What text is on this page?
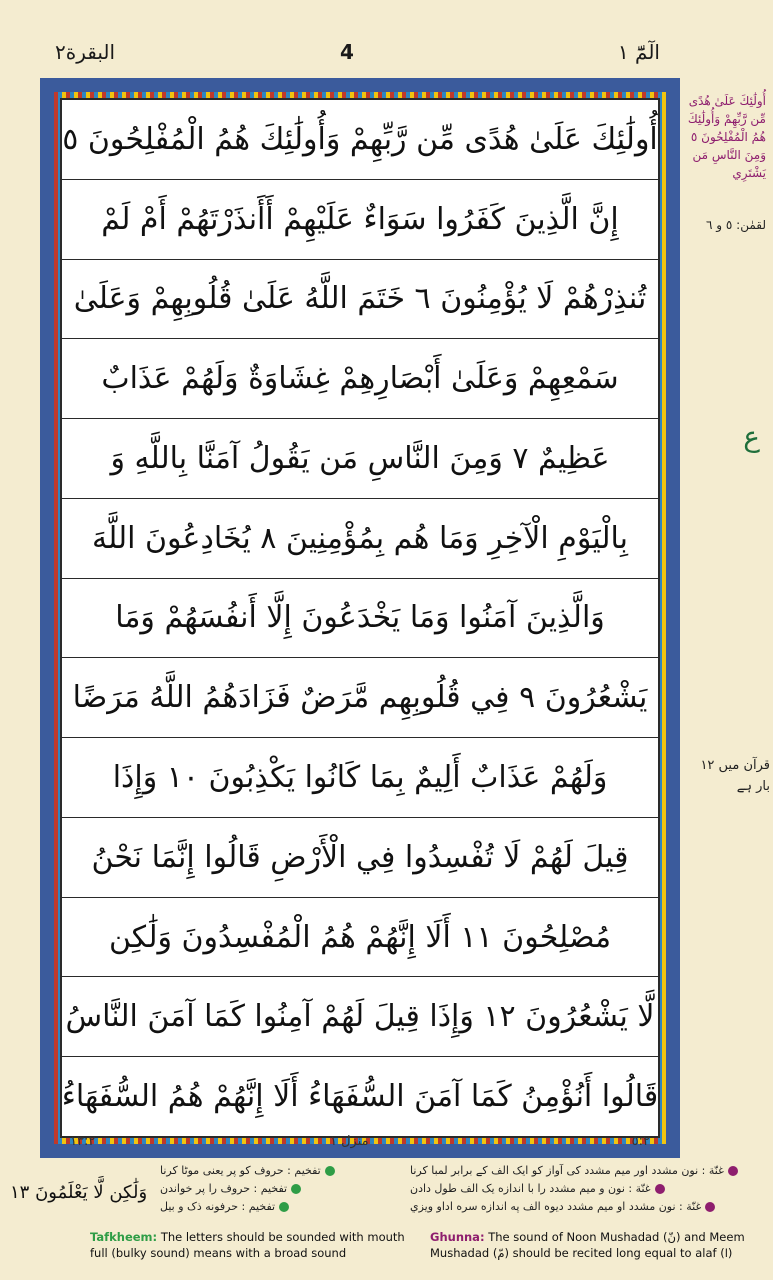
البقرة٢	4	الٓمّٓ ١
أُولَٰئِكَ عَلَىٰ هُدًى مِّن رَّبِّهِمْ وَأُولَٰئِكَ هُمُ الْمُفْلِحُونَ ٥
إِنَّ الَّذِينَ كَفَرُوا سَوَاءٌ عَلَيْهِمْ أَأَنذَرْتَهُمْ أَمْ لَمْ
تُنذِرْهُمْ لَا يُؤْمِنُونَ ٦ خَتَمَ اللَّهُ عَلَىٰ قُلُوبِهِمْ وَعَلَىٰ
سَمْعِهِمْ وَعَلَىٰ أَبْصَارِهِمْ غِشَاوَةٌ وَلَهُمْ عَذَابٌ
عَظِيمٌ ٧ وَمِنَ النَّاسِ مَن يَقُولُ آمَنَّا بِاللَّهِ وَ
بِالْيَوْمِ الْآخِرِ وَمَا هُم بِمُؤْمِنِينَ ٨ يُخَادِعُونَ اللَّهَ
وَالَّذِينَ آمَنُوا وَمَا يَخْدَعُونَ إِلَّا أَنفُسَهُمْ وَمَا
يَشْعُرُونَ ٩ فِي قُلُوبِهِم مَّرَضٌ فَزَادَهُمُ اللَّهُ مَرَضًا
وَلَهُمْ عَذَابٌ أَلِيمٌ بِمَا كَانُوا يَكْذِبُونَ ١٠ وَإِذَا
قِيلَ لَهُمْ لَا تُفْسِدُوا فِي الْأَرْضِ قَالُوا إِنَّمَا نَحْنُ
مُصْلِحُونَ ١١ أَلَا إِنَّهُمْ هُمُ الْمُفْسِدُونَ وَلَٰكِن
لَّا يَشْعُرُونَ ١٢ وَإِذَا قِيلَ لَهُمْ آمِنُوا كَمَا آمَنَ النَّاسُ
قَالُوا أَنُؤْمِنُ كَمَا آمَنَ السُّفَهَاءُ أَلَا إِنَّهُمْ هُمُ السُّفَهَاءُ
١٣:٢	منزل ١	٥:٢
أُولَٰئِكَ عَلَىٰ هُدًى مِّن رَّبِّهِمْ وَأُولَٰئِكَ هُمُ الْمُفْلِحُونَ ٥ وَمِنَ النَّاسِ مَن يَشْتَرِي
لقمٰن: ٥ و ٦
ع
قرآن میں ١٢ بار ہے
تفخيم : حروف کو پر یعنی موٹا کرنا
تفخيم : حروف را پر خواندن
تفخيم : حرفونه ذک و بیل
غنّة : نون مشدد اور میم مشدد کی آواز کو ایک الف کے برابر لمبا کرنا
غنّة : نون و میم مشدد را با اندازه یک الف طول دادن
غنّة : نون مشدد او میم مشدد دیوه الف په اندازه سره اداو ویزي
وَلَٰكِن لَّا يَعْلَمُونَ ١٣
Tafkheem: The letters should be sounded with mouth full (bulky sound) means with a broad sound
Ghunna: The sound of Noon Mushadad (نّ) and Meem Mushadad (مّ) should be recited long equal to alaf (ا)
